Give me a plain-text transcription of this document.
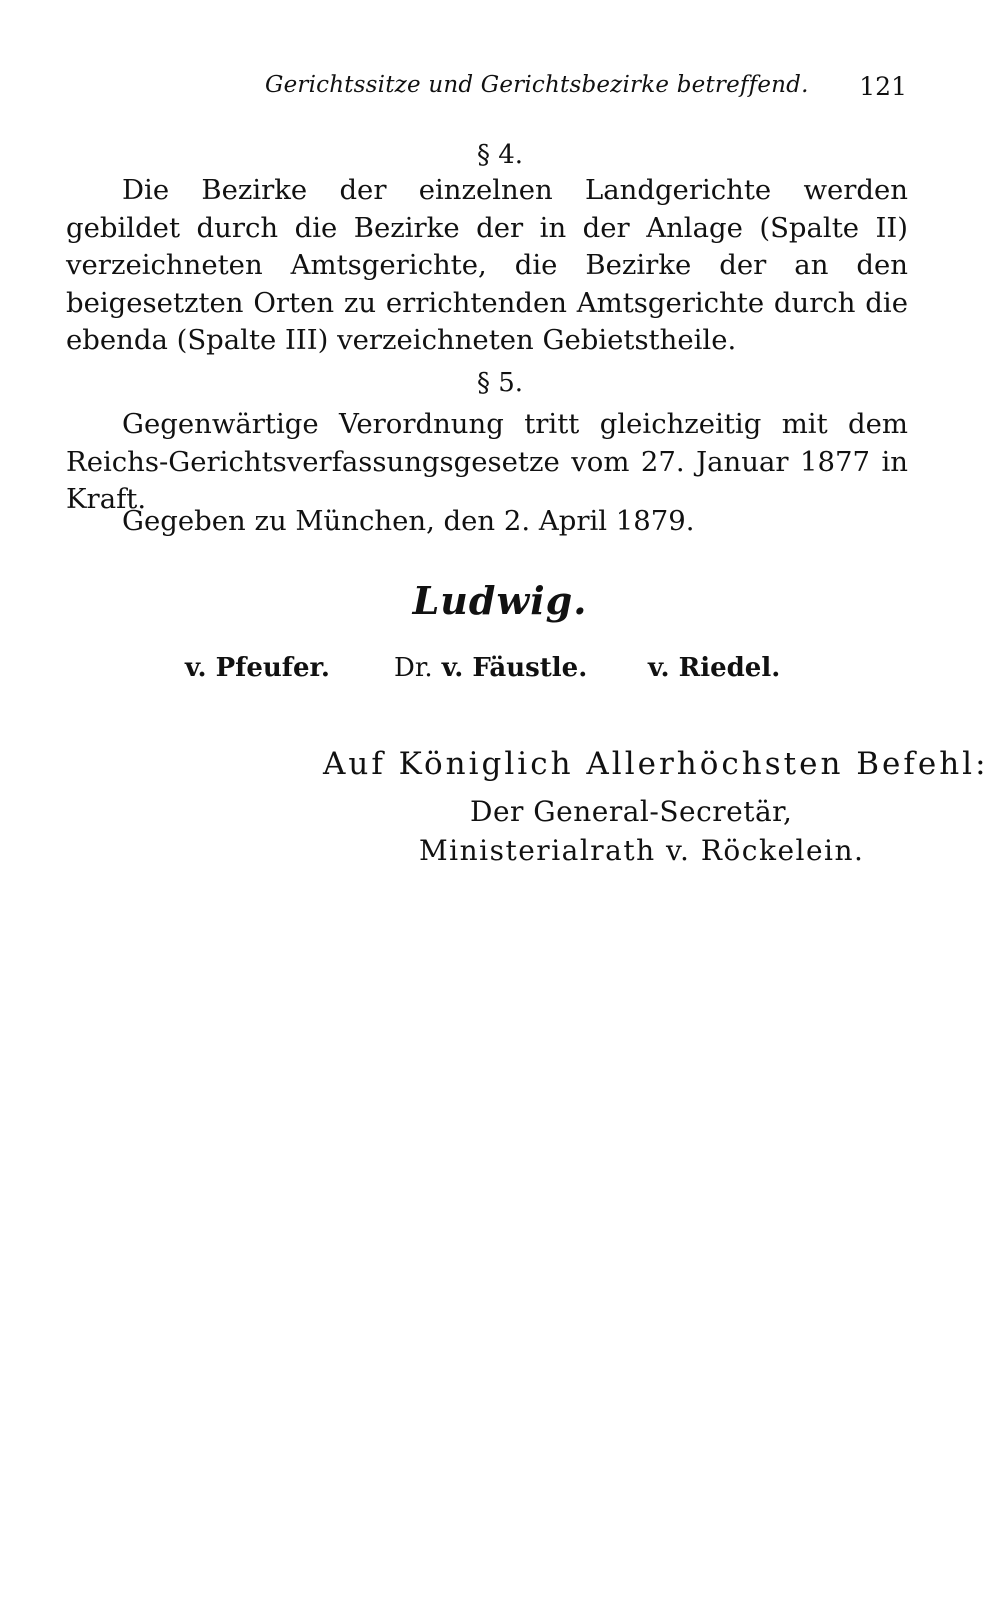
Gerichtssitze und Gerichtsbezirke betreffend. 121
§ 4.
Die Bezirke der einzelnen Landgerichte werden gebildet durch die Bezirke der in der Anlage (Spalte II) verzeichneten Amtsgerichte, die Bezirke der an den beigesetzten Orten zu errichtenden Amtsgerichte durch die ebenda (Spalte III) verzeichneten Gebietstheile.
§ 5.
Gegenwärtige Verordnung tritt gleichzeitig mit dem Reichs-Gerichtsverfassungsgesetze vom 27. Januar 1877 in Kraft.
Gegeben zu München, den 2. April 1879.
Ludwig.
v. Pfeufer. Dr. v. Fäustle. v. Riedel.
Auf Königlich Allerhöchsten Befehl:
Der General-Secretär,
Ministerialrath v. Röckelein.
